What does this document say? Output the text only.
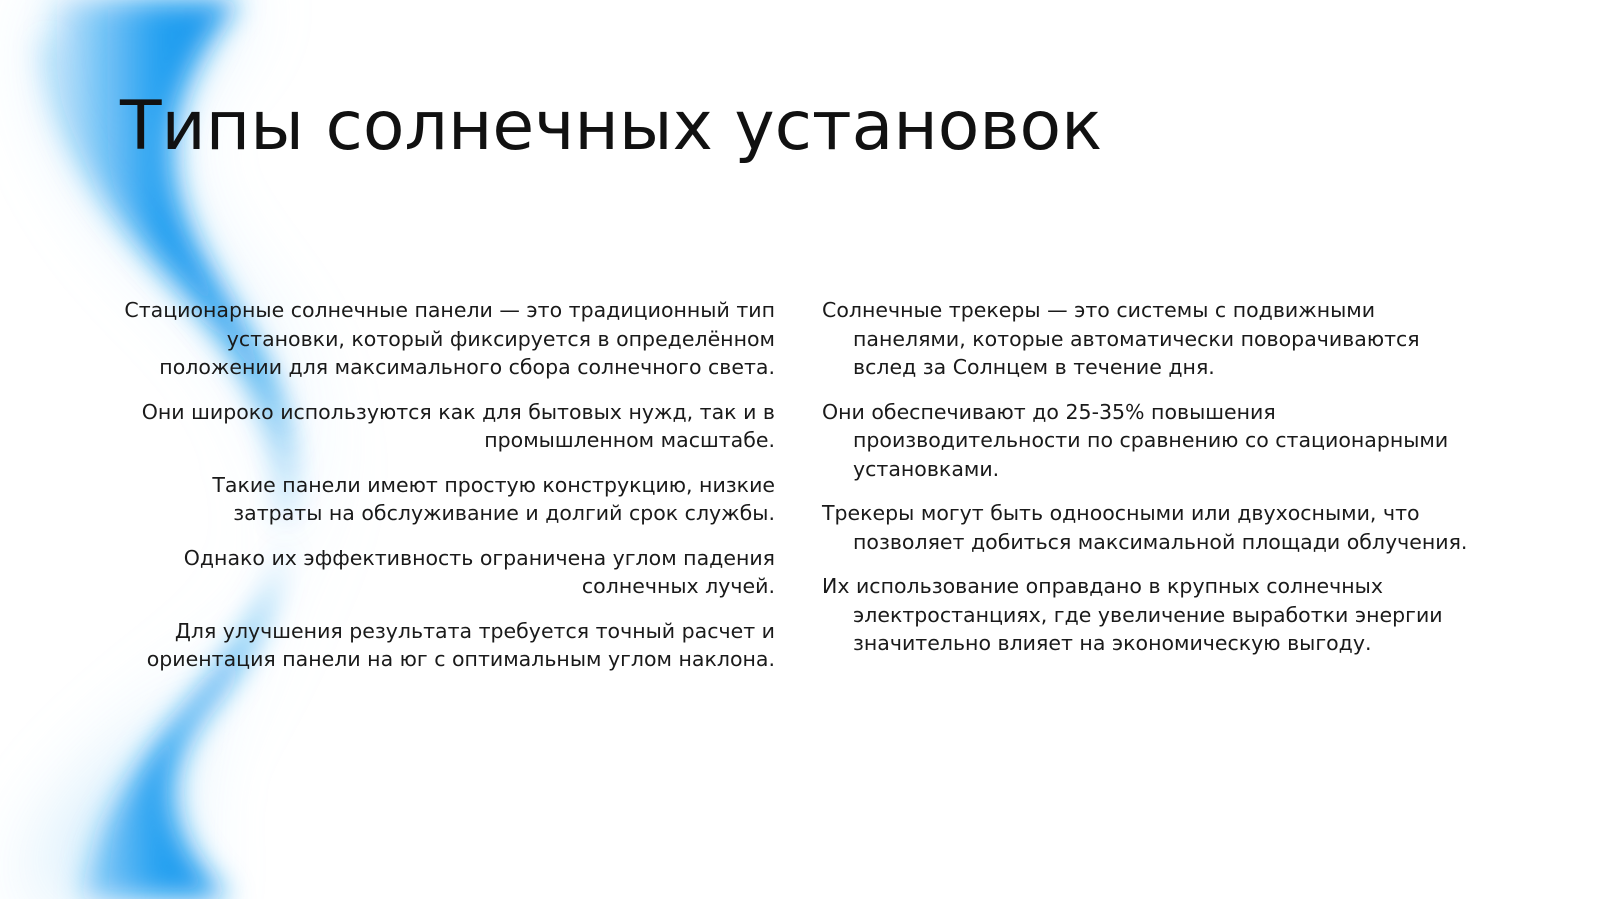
Типы солнечных установок

Стационарные солнечные панели — это традиционный тип установки, который фиксируется в определённом положении для максимального сбора солнечного света.

Они широко используются как для бытовых нужд, так и в промышленном масштабе.

Такие панели имеют простую конструкцию, низкие затраты на обслуживание и долгий срок службы.

Однако их эффективность ограничена углом падения солнечных лучей.

Для улучшения результата требуется точный расчет и ориентация панели на юг с оптимальным углом наклона.

Солнечные трекеры — это системы с подвижными панелями, которые автоматически поворачиваются вслед за Солнцем в течение дня.

Они обеспечивают до 25-35% повышения производительности по сравнению со стационарными установками.

Трекеры могут быть одноосными или двухосными, что позволяет добиться максимальной площади облучения.

Их использование оправдано в крупных солнечных электростанциях, где увеличение выработки энергии значительно влияет на экономическую выгоду.
